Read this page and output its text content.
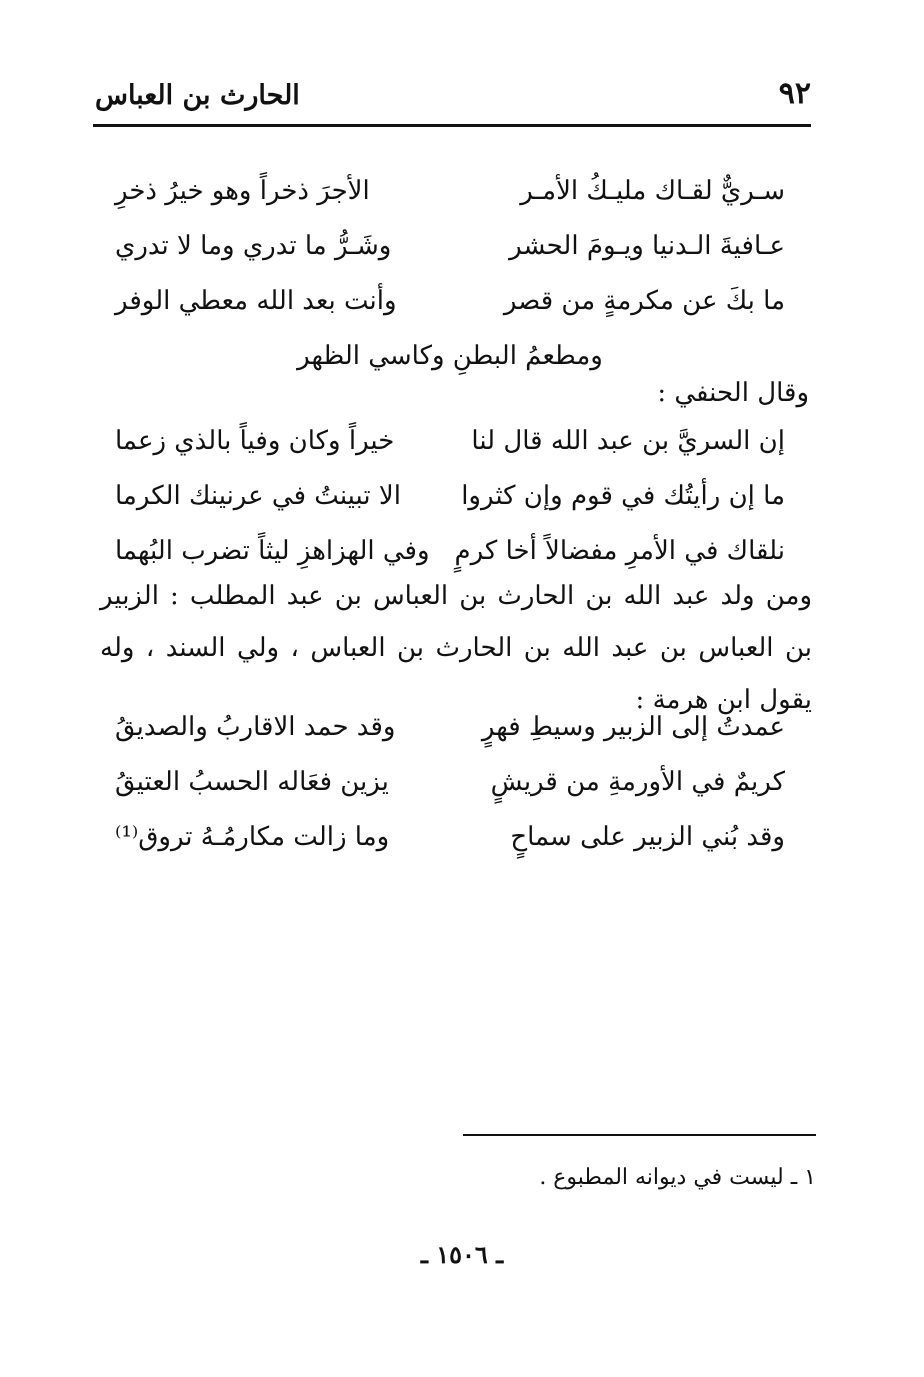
٩٢
الحارث بن العباس
سـريٌّ لقـاك مليـكُ الأمـر
الأجرَ ذخراً وهو خيرُ ذخرِ
عـافيةَ الـدنيا ويـومَ الحشر
وشَـرُّ ما تدري وما لا تدري
ما بكَ عن مكرمةٍ من قصر
وأنت بعد الله معطي الوفر
ومطعمُ البطنِ وكاسي الظهر
وقال الحنفي :
إن السريَّ بن عبد الله قال لنا
خيراً وكان وفياً بالذي زعما
ما إن رأيتُك في قوم وإن كثروا
الا تبينتُ في عرنينك الكرما
نلقاك في الأمرِ مفضالاً أخا كرمٍ
وفي الهزاهزِ ليثاً تضرب البُهما
ومن ولد عبد الله بن الحارث بن العباس بن عبد المطلب : الزبير بن العباس بن عبد الله بن الحارث بن العباس ، ولي السند ، وله يقول ابن هرمة :
عمدتُ إلى الزبير وسيطِ فهرٍ
وقد حمد الاقاربُ والصديقُ
كريمٌ في الأورمةِ من قريشٍ
يزين فعَاله الحسبُ العتيقُ
وقد بُني الزبير على سماحٍ
وما زالت مكارمُـهُ تروق⁽¹⁾
١ ـ ليست في ديوانه المطبوع .
ـ ١٥٠٦ ـ
